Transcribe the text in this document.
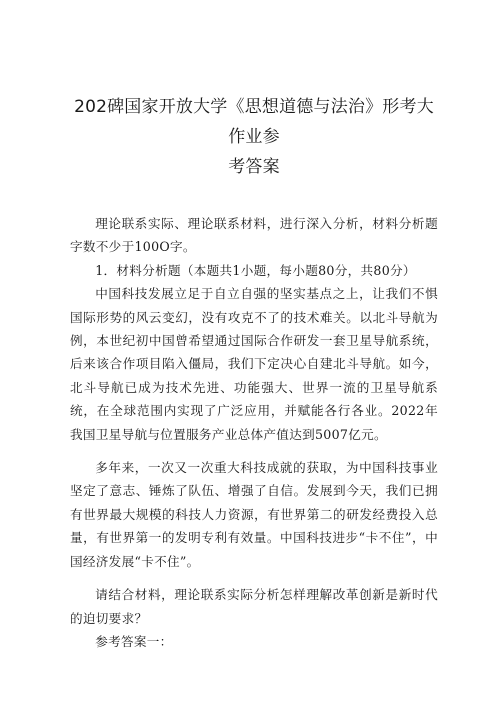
202碑国家开放大学《思想道德与法治》形考大作业参
考答案

理论联系实际、理论联系材料，进行深入分析，材料分析题字数不少于100O字。

1．材料分析题（本题共1小题，每小题80分，共80分）

中国科技发展立足于自立自强的坚实基点之上，让我们不惧国际形势的风云变幻，没有攻克不了的技术难关。以北斗导航为例，本世纪初中国曾希望通过国际合作研发一套卫星导航系统，后来该合作项目陷入僵局，我们下定决心自建北斗导航。如今，北斗导航已成为技术先进、功能强大、世界一流的卫星导航系统，在全球范围内实现了广泛应用，并赋能各行各业。2022年我国卫星导航与位置服务产业总体产值达到5007亿元。

多年来，一次又一次重大科技成就的获取，为中国科技事业坚定了意志、锤炼了队伍、增强了自信。发展到今天，我们已拥有世界最大规模的科技人力资源，有世界第二的研发经费投入总量，有世界第一的发明专利有效量。中国科技进步“卡不住”，中国经济发展“卡不住”。

请结合材料，理论联系实际分析怎样理解改革创新是新时代的迫切要求？

参考答案一：
